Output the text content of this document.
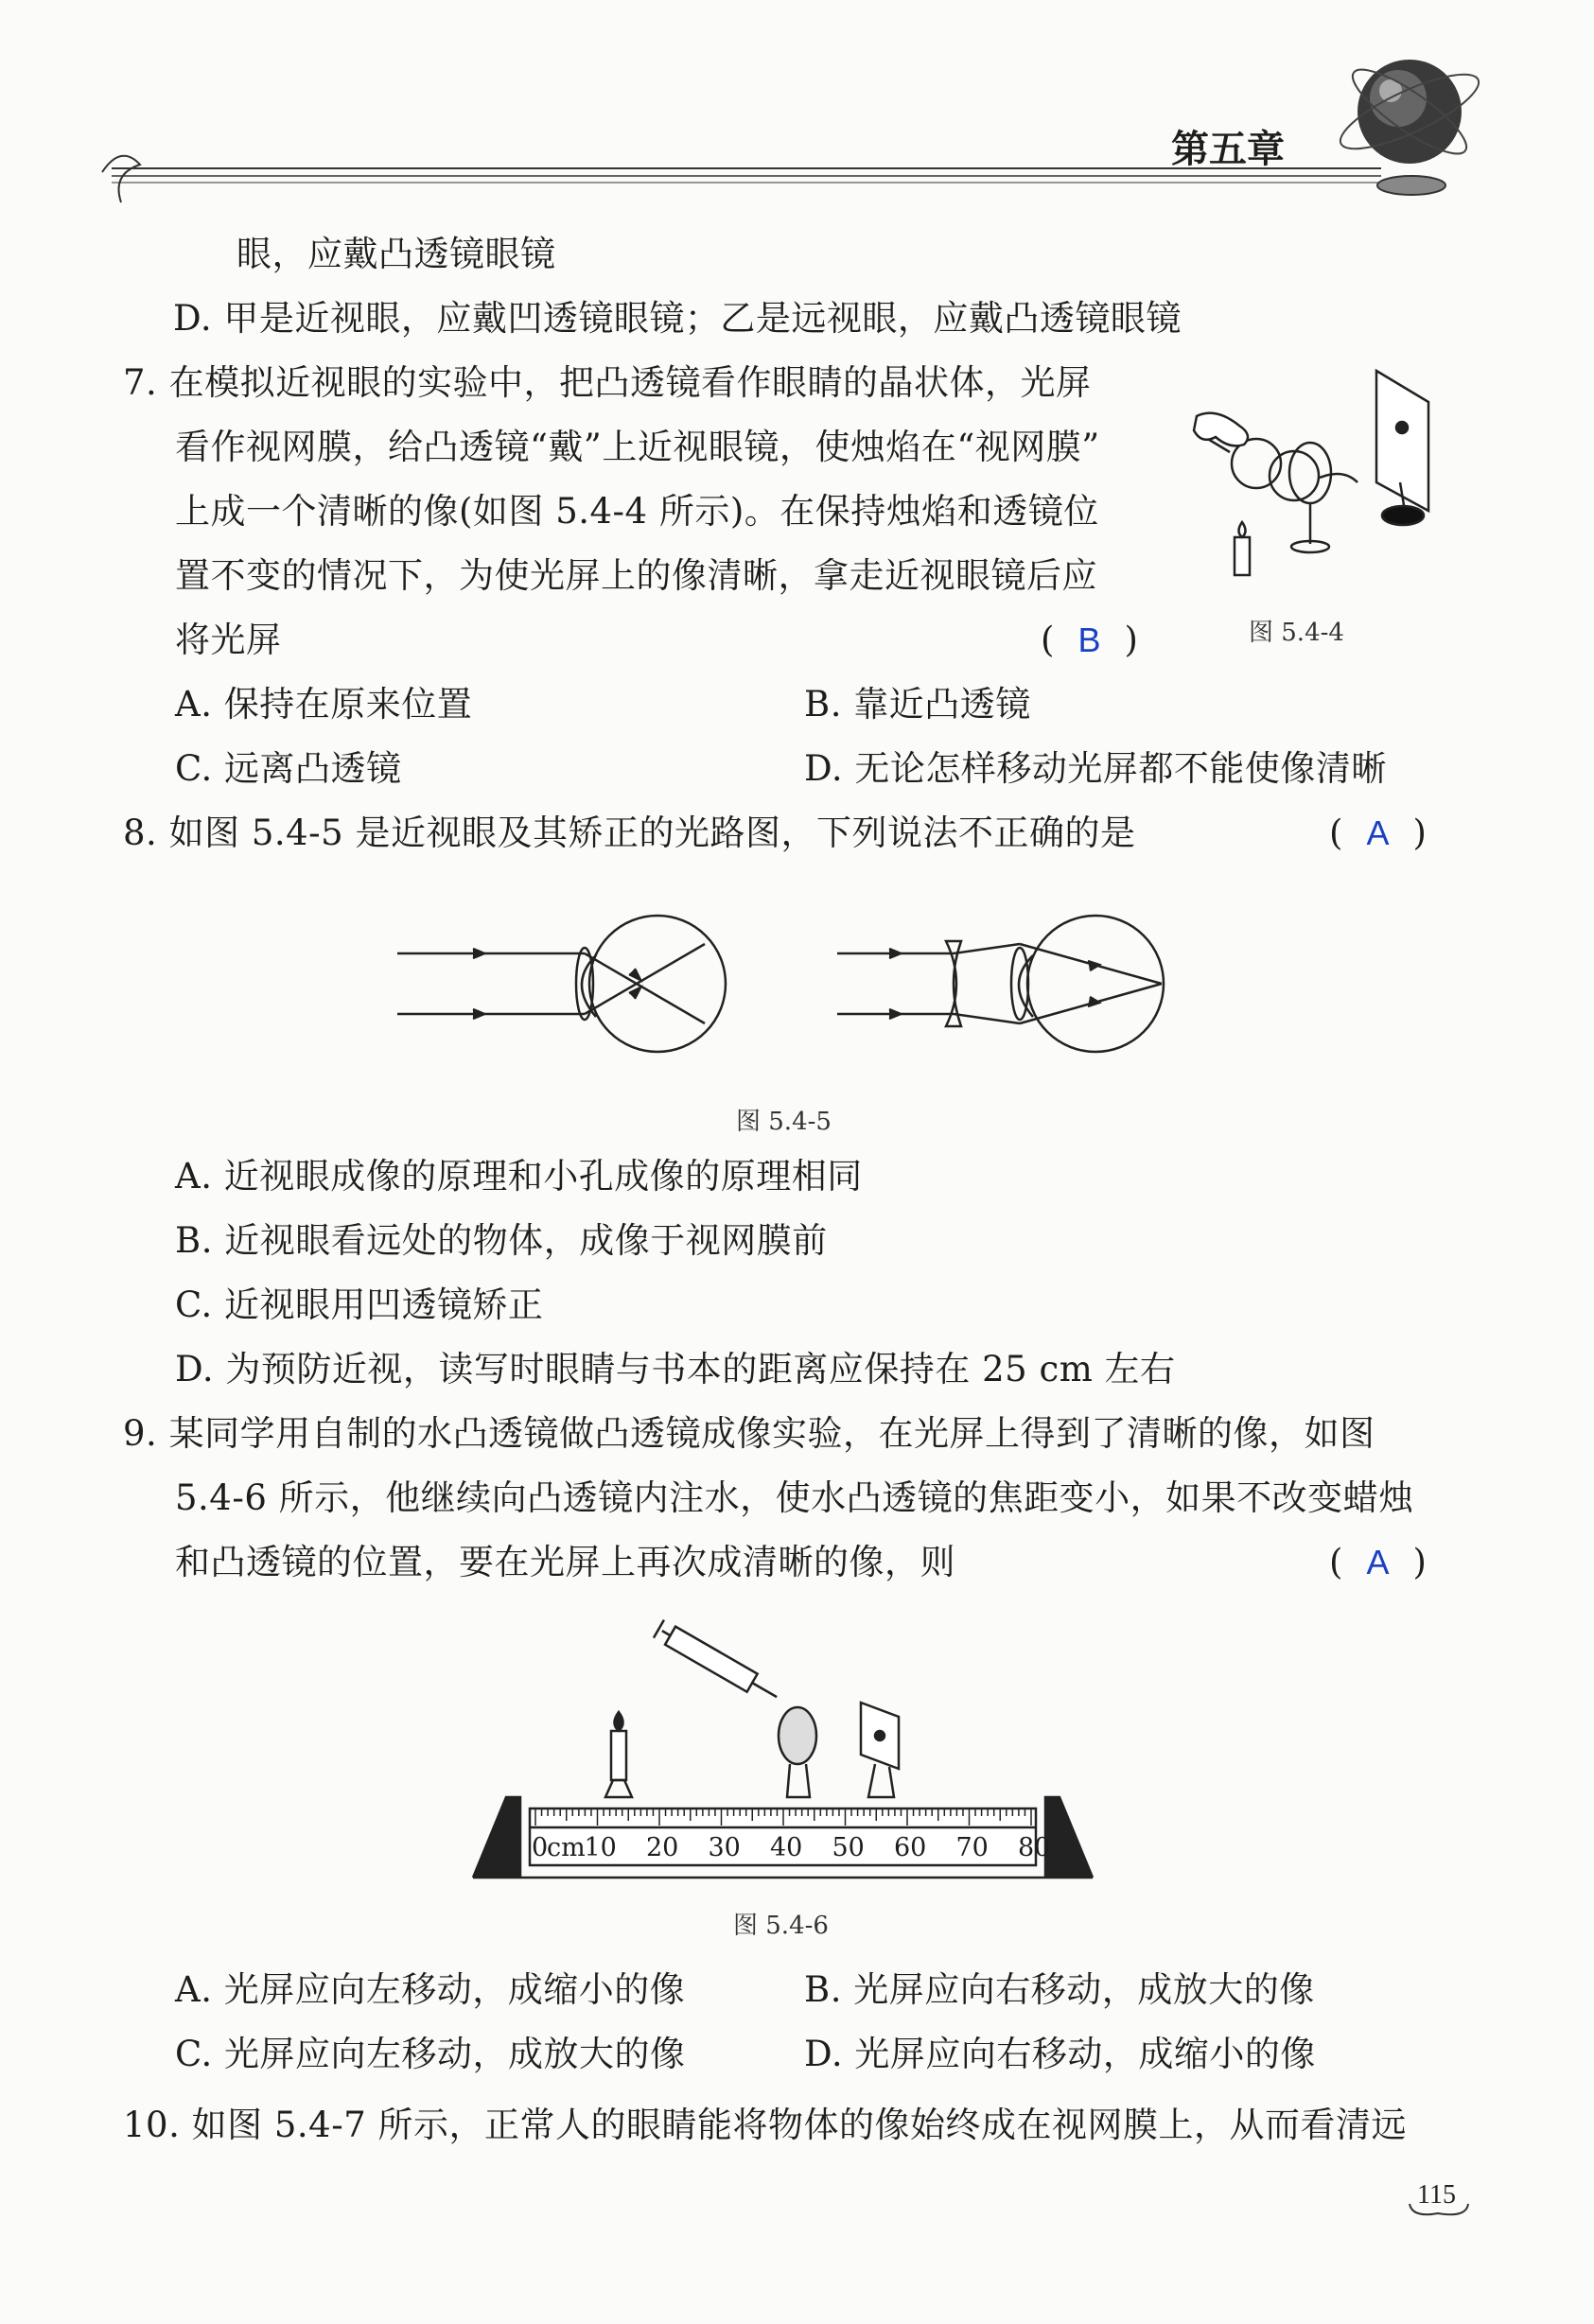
第五章
眼，应戴凸透镜眼镜
D. 甲是近视眼，应戴凹透镜眼镜；乙是远视眼，应戴凸透镜眼镜
7. 在模拟近视眼的实验中，把凸透镜看作眼睛的晶状体，光屏
看作视网膜，给凸透镜“戴”上近视眼镜，使烛焰在“视网膜”
上成一个清晰的像(如图 5.4-4 所示)。在保持烛焰和透镜位
置不变的情况下，为使光屏上的像清晰，拿走近视眼镜后应
将光屏	(  B  )
A. 保持在原来位置	B. 靠近凸透镜
C. 远离凸透镜	D. 无论怎样移动光屏都不能使像清晰
8. 如图 5.4-5 是近视眼及其矫正的光路图，下列说法不正确的是	(  A  )
A. 近视眼成像的原理和小孔成像的原理相同
B. 近视眼看远处的物体，成像于视网膜前
C. 近视眼用凹透镜矫正
D. 为预防近视，读写时眼睛与书本的距离应保持在 25 cm 左右
9. 某同学用自制的水凸透镜做凸透镜成像实验，在光屏上得到了清晰的像，如图
5.4-6 所示，他继续向凸透镜内注水，使水凸透镜的焦距变小，如果不改变蜡烛
和凸透镜的位置，要在光屏上再次成清晰的像，则	(  A  )
A. 光屏应向左移动，成缩小的像	B. 光屏应向右移动，成放大的像
C. 光屏应向左移动，成放大的像	D. 光屏应向右移动，成缩小的像
10. 如图 5.4-7 所示，正常人的眼睛能将物体的像始终成在视网膜上，从而看清远
图 5.4-4
图 5.4-5
0
cm
10 20 30 40 50 60 70 80
图 5.4-6
115
